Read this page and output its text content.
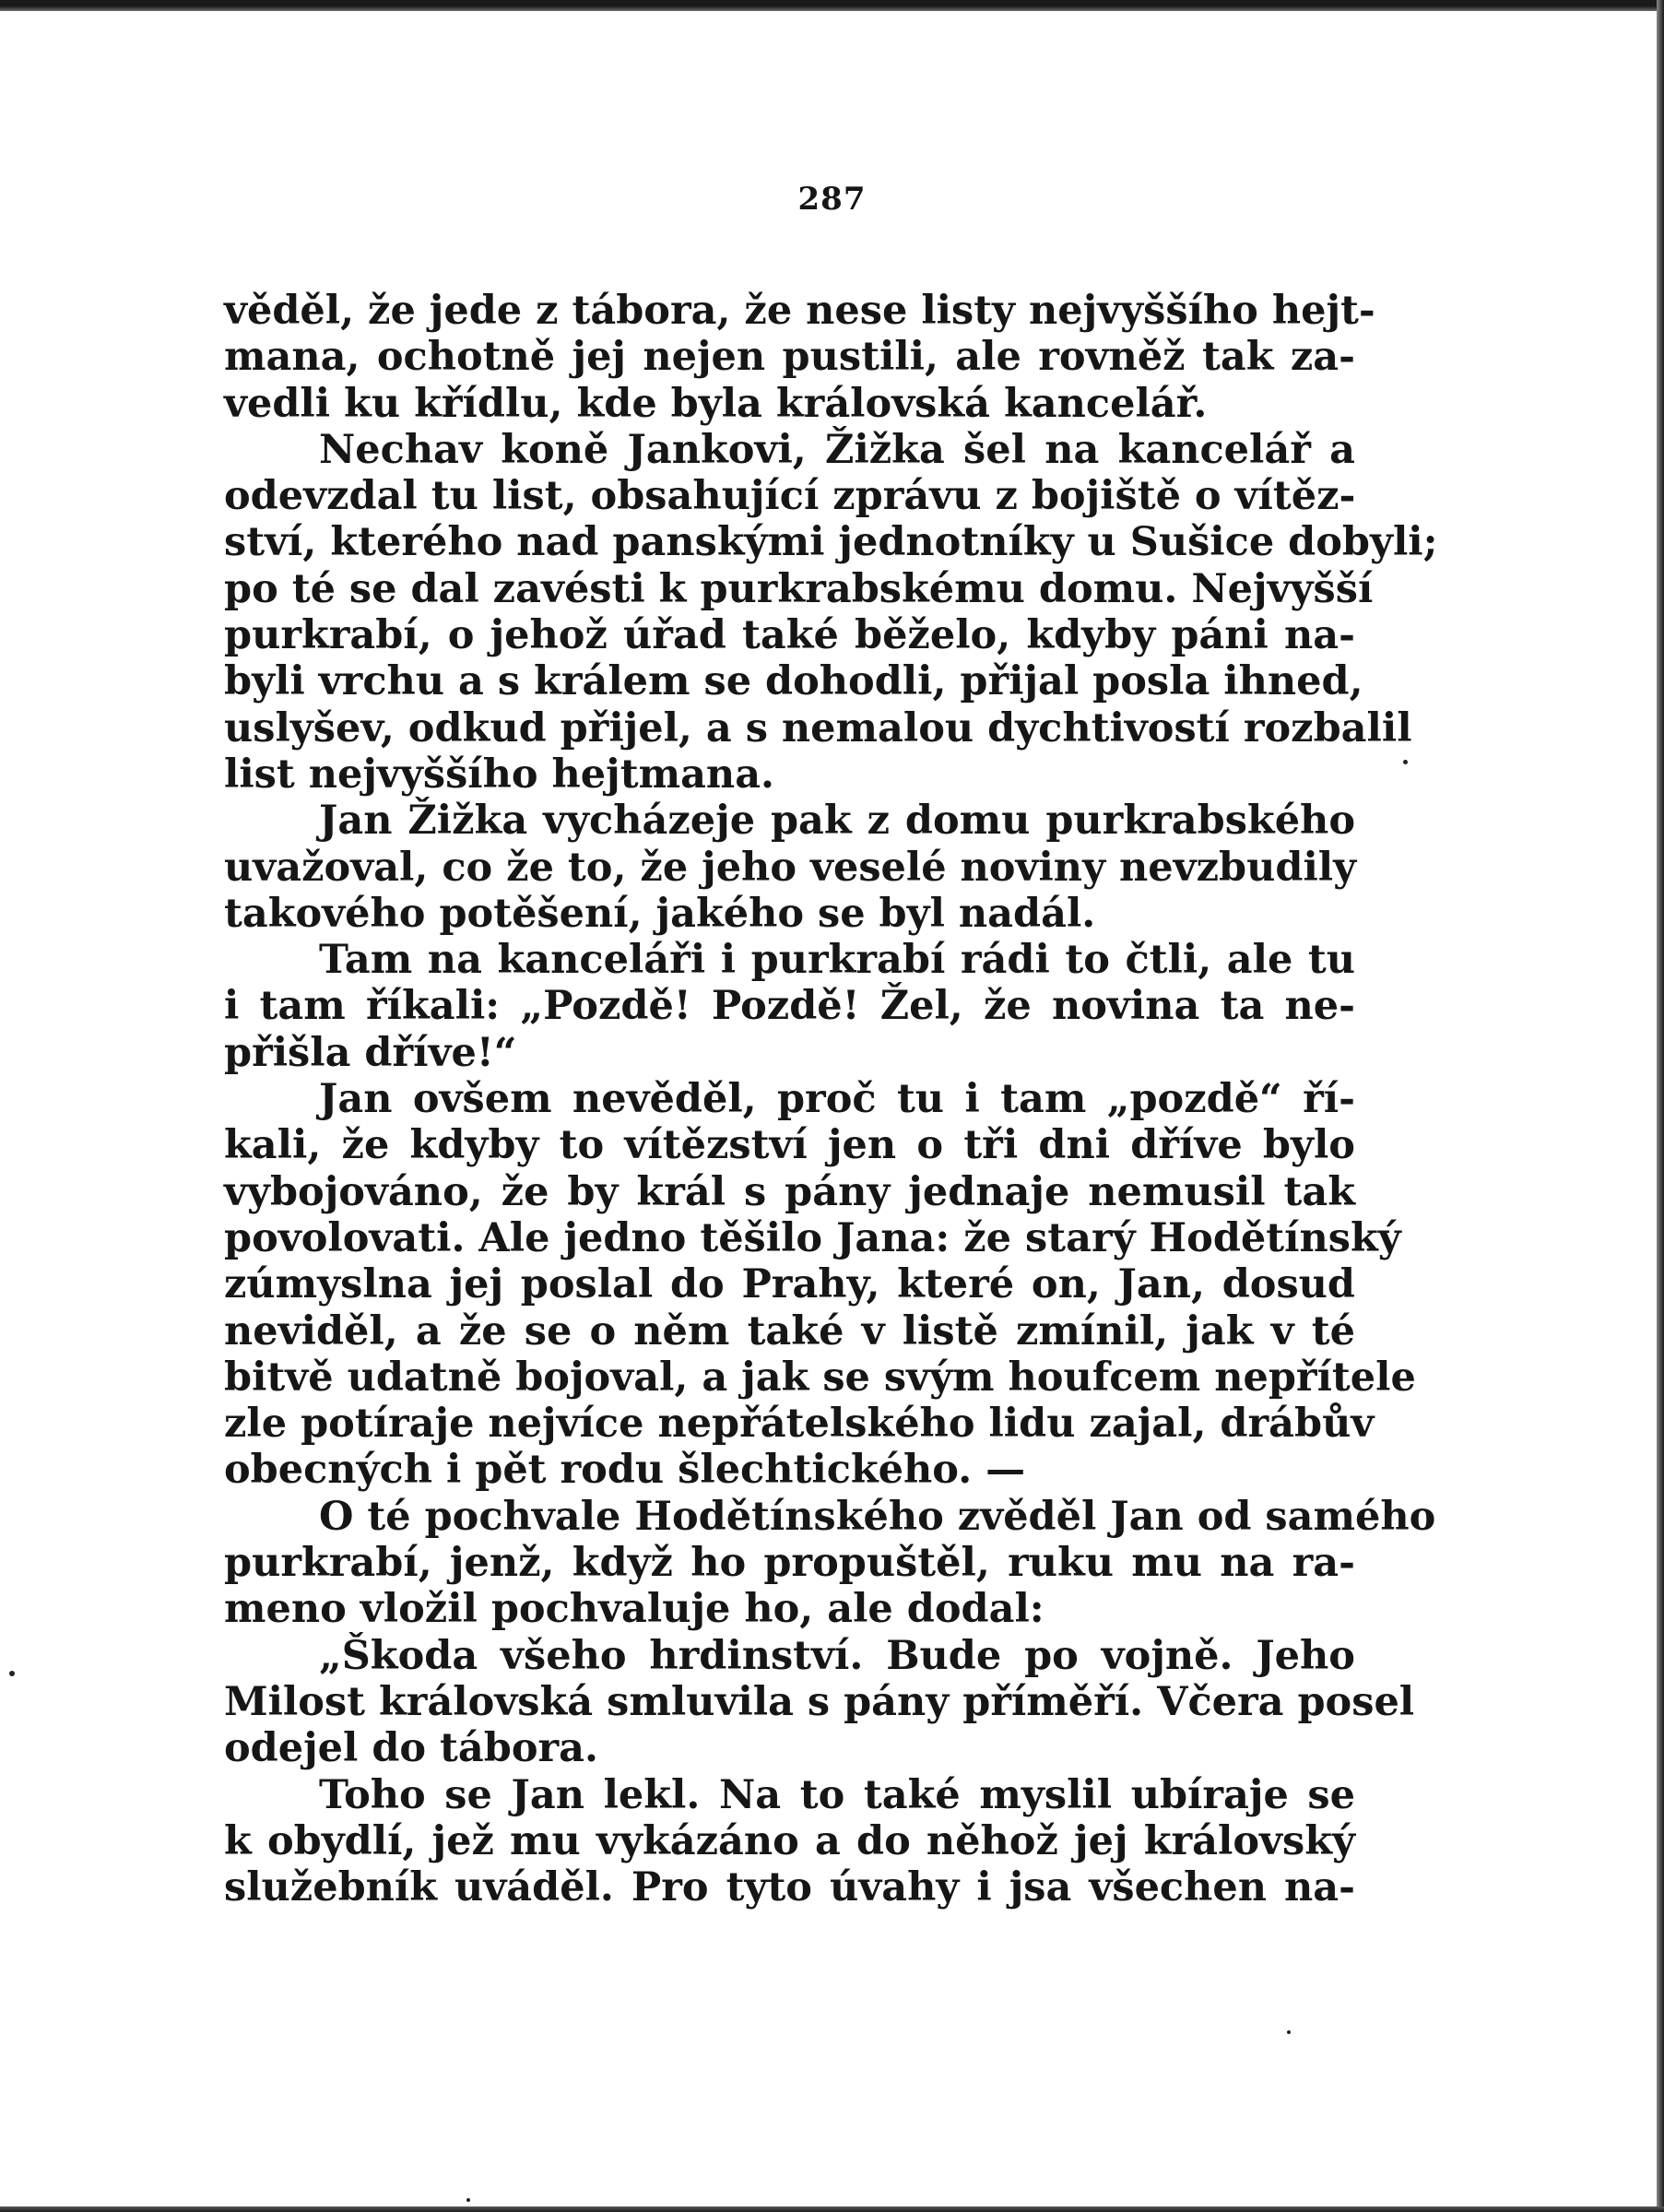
287
věděl, že jede z tábora, že nese listy nejvyššího hejt-
mana, ochotně jej nejen pustili, ale rovněž tak za-
vedli ku křídlu, kde byla královská kancelář.
Nechav koně Jankovi, Žižka šel na kancelář a
odevzdal tu list, obsahující zprávu z bojiště o vítěz-
ství, kterého nad panskými jednotníky u Sušice dobyli;
po té se dal zavésti k purkrabskému domu. Nejvyšší
purkrabí, o jehož úřad také běželo, kdyby páni na-
byli vrchu a s králem se dohodli, přijal posla ihned,
uslyšev, odkud přijel, a s nemalou dychtivostí rozbalil
list nejvyššího hejtmana.
Jan Žižka vycházeje pak z domu purkrabského
uvažoval, co že to, že jeho veselé noviny nevzbudily
takového potěšení, jakého se byl nadál.
Tam na kanceláři i purkrabí rádi to čtli, ale tu
i tam říkali: „Pozdě! Pozdě! Žel, že novina ta ne-
přišla dříve!“
Jan ovšem nevěděl, proč tu i tam „pozdě“ ří-
kali, že kdyby to vítězství jen o tři dni dříve bylo
vybojováno, že by král s pány jednaje nemusil tak
povolovati. Ale jedno těšilo Jana: že starý Hodětínský
zúmyslna jej poslal do Prahy, které on, Jan, dosud
neviděl, a že se o něm také v listě zmínil, jak v té
bitvě udatně bojoval, a jak se svým houfcem nepřítele
zle potíraje nejvíce nepřátelského lidu zajal, drábův
obecných i pět rodu šlechtického. —
O té pochvale Hodětínského zvěděl Jan od samého
purkrabí, jenž, když ho propuštěl, ruku mu na ra-
meno vložil pochvaluje ho, ale dodal:
„Škoda všeho hrdinství. Bude po vojně. Jeho
Milost královská smluvila s pány příměří. Včera posel
odejel do tábora.
Toho se Jan lekl. Na to také myslil ubíraje se
k obydlí, jež mu vykázáno a do něhož jej královský
služebník uváděl. Pro tyto úvahy i jsa všechen na-
